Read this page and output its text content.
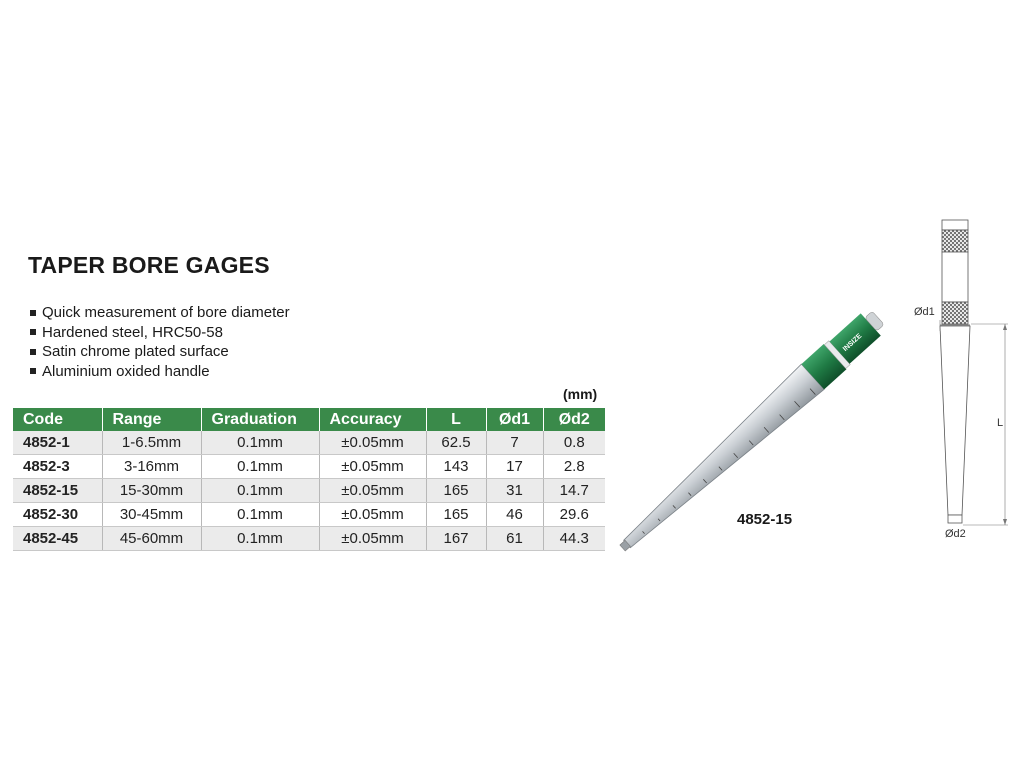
TAPER BORE GAGES
Quick measurement of bore diameter
Hardened steel, HRC50-58
Satin chrome plated surface
Aluminium oxided handle
(mm)
Code	Range	Graduation	Accuracy	L	Ød1	Ød2
4852-1	1-6.5mm	0.1mm	±0.05mm	62.5	7	0.8
4852-3	3-16mm	0.1mm	±0.05mm	143	17	2.8
4852-15	15-30mm	0.1mm	±0.05mm	165	31	14.7
4852-30	30-45mm	0.1mm	±0.05mm	165	46	29.6
4852-45	45-60mm	0.1mm	±0.05mm	167	61	44.3
INSIZE
4852-15
Ød1
Ød2
L
